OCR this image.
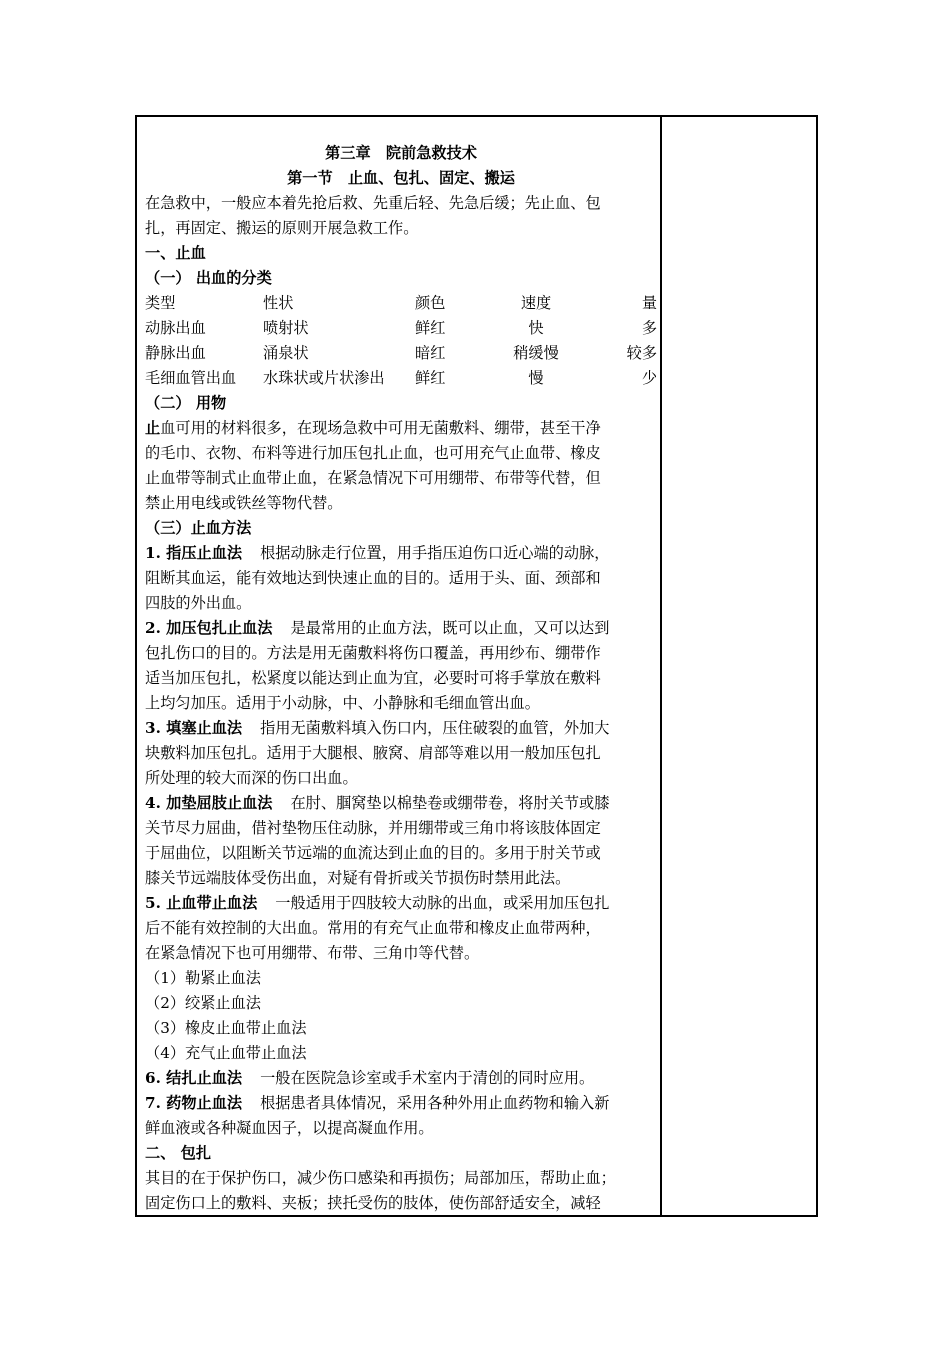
第三章　院前急救技术
第一节　止血、包扎、固定、搬运
在急救中，一般应本着先抢后救、先重后轻、先急后缓；先止血、包
扎，再固定、搬运的原则开展急救工作。
一、止血
（一） 出血的分类
类型	性状	颜色	速度	量
动脉出血	喷射状	鲜红	快	多
静脉出血	涌泉状	暗红	稍缓慢	较多
毛细血管出血	水珠状或片状渗出	鲜红	慢	少
（二） 用物
止血可用的材料很多，在现场急救中可用无菌敷料、绷带，甚至干净
的毛巾、衣物、布料等进行加压包扎止血，也可用充气止血带、橡皮
止血带等制式止血带止血，在紧急情况下可用绷带、布带等代替，但
禁止用电线或铁丝等物代替。
（三）止血方法
1. 指压止血法 根据动脉走行位置，用手指压迫伤口近心端的动脉，
阻断其血运，能有效地达到快速止血的目的。适用于头、面、颈部和
四肢的外出血。
2. 加压包扎止血法 是最常用的止血方法，既可以止血，又可以达到
包扎伤口的目的。方法是用无菌敷料将伤口覆盖，再用纱布、绷带作
适当加压包扎，松紧度以能达到止血为宜，必要时可将手掌放在敷料
上均匀加压。适用于小动脉，中、小静脉和毛细血管出血。
3. 填塞止血法 指用无菌敷料填入伤口内，压住破裂的血管，外加大
块敷料加压包扎。适用于大腿根、腋窝、肩部等难以用一般加压包扎
所处理的较大而深的伤口出血。
4. 加垫屈肢止血法 在肘、腘窝垫以棉垫卷或绷带卷，将肘关节或膝
关节尽力屈曲，借衬垫物压住动脉，并用绷带或三角巾将该肢体固定
于屈曲位，以阻断关节远端的血流达到止血的目的。多用于肘关节或
膝关节远端肢体受伤出血，对疑有骨折或关节损伤时禁用此法。
5. 止血带止血法 一般适用于四肢较大动脉的出血，或采用加压包扎
后不能有效控制的大出血。常用的有充气止血带和橡皮止血带两种，
在紧急情况下也可用绷带、布带、三角巾等代替。
（1）勒紧止血法
（2）绞紧止血法
（3）橡皮止血带止血法
（4）充气止血带止血法
6. 结扎止血法 一般在医院急诊室或手术室内于清创的同时应用。
7. 药物止血法 根据患者具体情况，采用各种外用止血药物和输入新
鲜血液或各种凝血因子，以提高凝血作用。
二、 包扎
其目的在于保护伤口，减少伤口感染和再损伤；局部加压，帮助止血；
固定伤口上的敷料、夹板；挟托受伤的肢体，使伤部舒适安全，减轻
